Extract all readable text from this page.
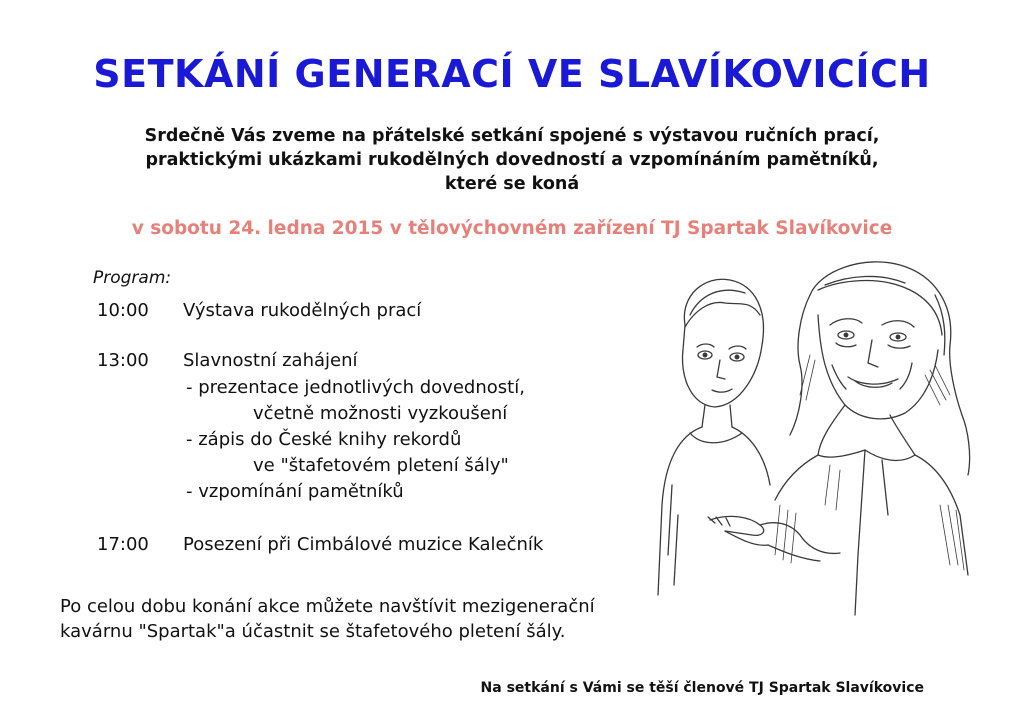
SETKÁNÍ GENERACÍ VE SLAVÍKOVICÍCH
Srdečně Vás zveme na přátelské setkání spojené s výstavou ručních prací,
praktickými ukázkami rukodělných dovedností a vzpomínáním pamětníků,
které se koná
v sobotu 24. ledna 2015 v tělovýchovném zařízení TJ Spartak Slavíkovice
Program:
10:00 Výstava rukodělných prací
13:00 Slavnostní zahájení
- prezentace jednotlivých dovedností,
včetně možnosti vyzkoušení
- zápis do České knihy rekordů
ve "štafetovém pletení šály"
- vzpomínání pamětníků
17:00 Posezení při Cimbálové muzice Kalečník
Po celou dobu konání akce můžete navštívit mezigenerační
kavárnu "Spartak"a účastnit se štafetového pletení šály.
Na setkání s Vámi se těší členové TJ Spartak Slavíkovice
